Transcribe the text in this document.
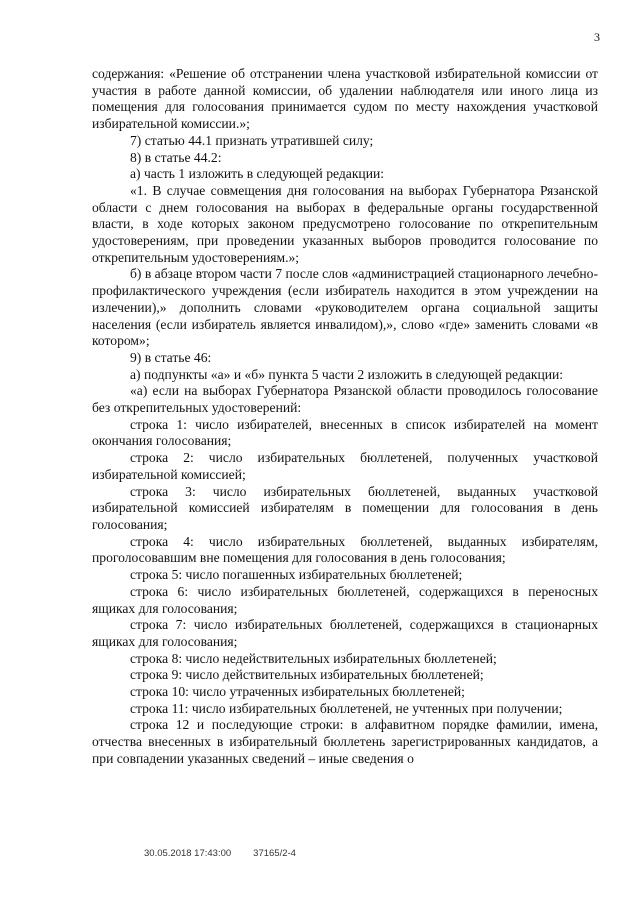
3

содержания: «Решение об отстранении члена участковой избирательной комиссии от участия в работе данной комиссии, об удалении наблюдателя или иного лица из помещения для голосования принимается судом по месту нахождения участковой избирательной комиссии.»;

7) статью 44.1 признать утратившей силу;

8) в статье 44.2:

а) часть 1 изложить в следующей редакции:

«1. В случае совмещения дня голосования на выборах Губернатора Рязанской области с днем голосования на выборах в федеральные органы государственной власти, в ходе которых законом предусмотрено голосование по открепительным удостоверениям, при проведении указанных выборов проводится голосование по открепительным удостоверениям.»;

б) в абзаце втором части 7 после слов «администрацией стационарного лечебно-профилактического учреждения (если избиратель находится в этом учреждении на излечении),» дополнить словами «руководителем органа социальной защиты населения (если избиратель является инвалидом),», слово «где» заменить словами «в котором»;

9) в статье 46:

а) подпункты «а» и «б» пункта 5 части 2 изложить в следующей редакции:

«а) если на выборах Губернатора Рязанской области проводилось голосование без открепительных удостоверений:

строка 1: число избирателей, внесенных в список избирателей на момент окончания голосования;

строка 2: число избирательных бюллетеней, полученных участковой избирательной комиссией;

строка 3: число избирательных бюллетеней, выданных участковой избирательной комиссией избирателям в помещении для голосования в день голосования;

строка 4: число избирательных бюллетеней, выданных избирателям, проголосовавшим вне помещения для голосования в день голосования;

строка 5: число погашенных избирательных бюллетеней;

строка 6: число избирательных бюллетеней, содержащихся в переносных ящиках для голосования;

строка 7: число избирательных бюллетеней, содержащихся в стационарных ящиках для голосования;

строка 8: число недействительных избирательных бюллетеней;

строка 9: число действительных избирательных бюллетеней;

строка 10: число утраченных избирательных бюллетеней;

строка 11: число избирательных бюллетеней, не учтенных при получении;

строка 12 и последующие строки: в алфавитном порядке фамилии, имена, отчества внесенных в избирательный бюллетень зарегистрированных кандидатов, а при совпадении указанных сведений – иные сведения о

30.05.2018 17:43:00 37165/2-4
